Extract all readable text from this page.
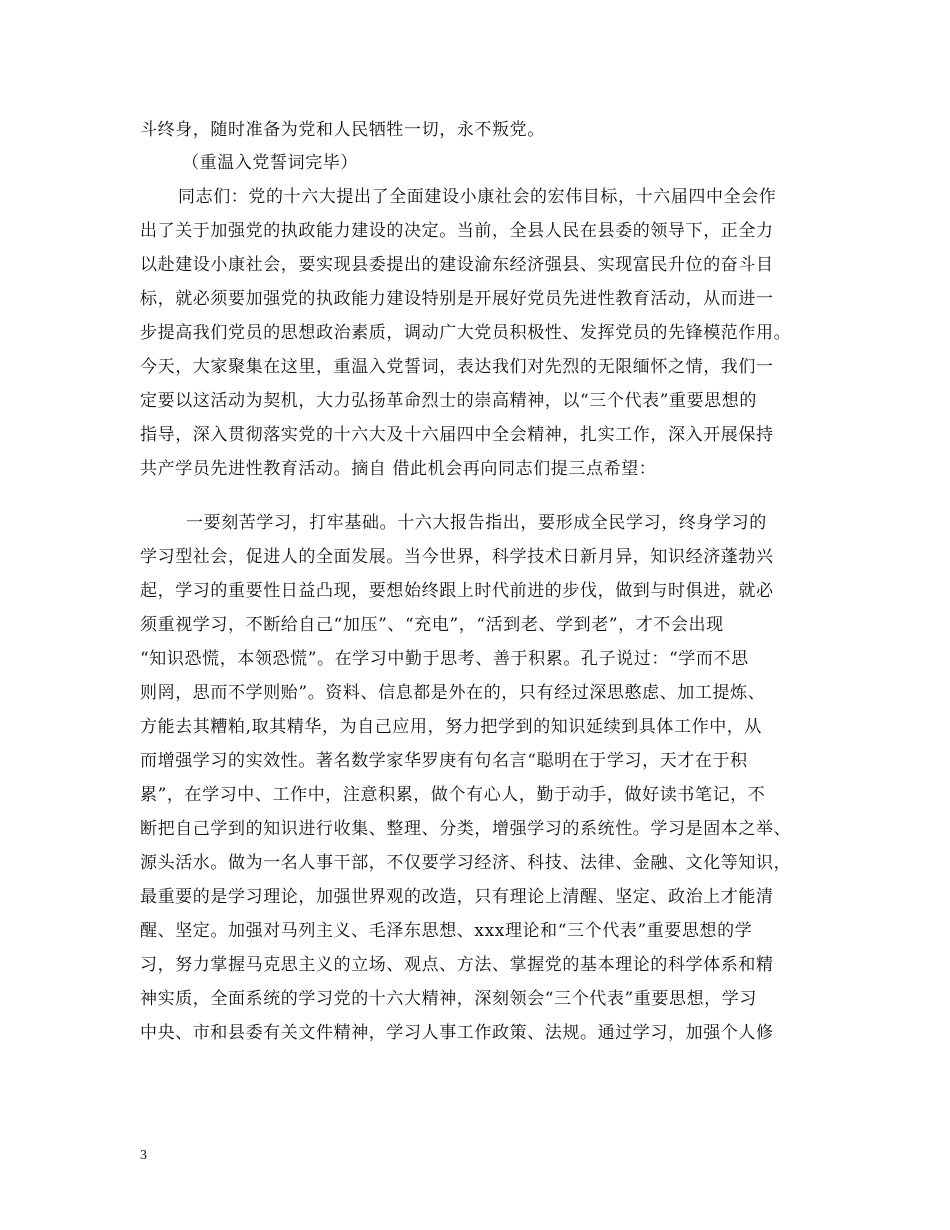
斗终身，随时准备为党和人民牺牲一切，永不叛党。
（重温入党誓词完毕）
同志们：党的十六大提出了全面建设小康社会的宏伟目标，十六届四中全会作
出了关于加强党的执政能力建设的决定。当前，全县人民在县委的领导下，正全力
以赴建设小康社会，要实现县委提出的建设渝东经济强县、实现富民升位的奋斗目
标，就必须要加强党的执政能力建设特别是开展好党员先进性教育活动，从而进一
步提高我们党员的思想政治素质，调动广大党员积极性、发挥党员的先锋模范作用。
今天，大家聚集在这里，重温入党誓词，表达我们对先烈的无限缅怀之情，我们一
定要以这活动为契机，大力弘扬革命烈士的崇高精神，以“三个代表”重要思想的
指导，深入贯彻落实党的十六大及十六届四中全会精神，扎实工作，深入开展保持
共产学员先进性教育活动。摘自 借此机会再向同志们提三点希望：
一要刻苦学习，打牢基础。十六大报告指出，要形成全民学习，终身学习的
学习型社会，促进人的全面发展。当今世界，科学技术日新月异，知识经济蓬勃兴
起，学习的重要性日益凸现，要想始终跟上时代前进的步伐，做到与时俱进，就必
须重视学习，不断给自己“加压”、“充电”，“活到老、学到老”，才不会出现
“知识恐慌，本领恐慌”。在学习中勤于思考、善于积累。孔子说过：“学而不思
则罔，思而不学则贻”。资料、信息都是外在的，只有经过深思憨虑、加工提炼、
方能去其糟粕,取其精华，为自己应用，努力把学到的知识延续到具体工作中，从
而增强学习的实效性。著名数学家华罗庚有句名言“聪明在于学习，天才在于积
累”，在学习中、工作中，注意积累，做个有心人，勤于动手，做好读书笔记，不
断把自己学到的知识进行收集、整理、分类，增强学习的系统性。学习是固本之举、
源头活水。做为一名人事干部，不仅要学习经济、科技、法律、金融、文化等知识，
最重要的是学习理论，加强世界观的改造，只有理论上清醒、坚定、政治上才能清
醒、坚定。加强对马列主义、毛泽东思想、xxx理论和“三个代表”重要思想的学
习，努力掌握马克思主义的立场、观点、方法、掌握党的基本理论的科学体系和精
神实质，全面系统的学习党的十六大精神，深刻领会“三个代表”重要思想，学习
中央、市和县委有关文件精神，学习人事工作政策、法规。通过学习，加强个人修
3
